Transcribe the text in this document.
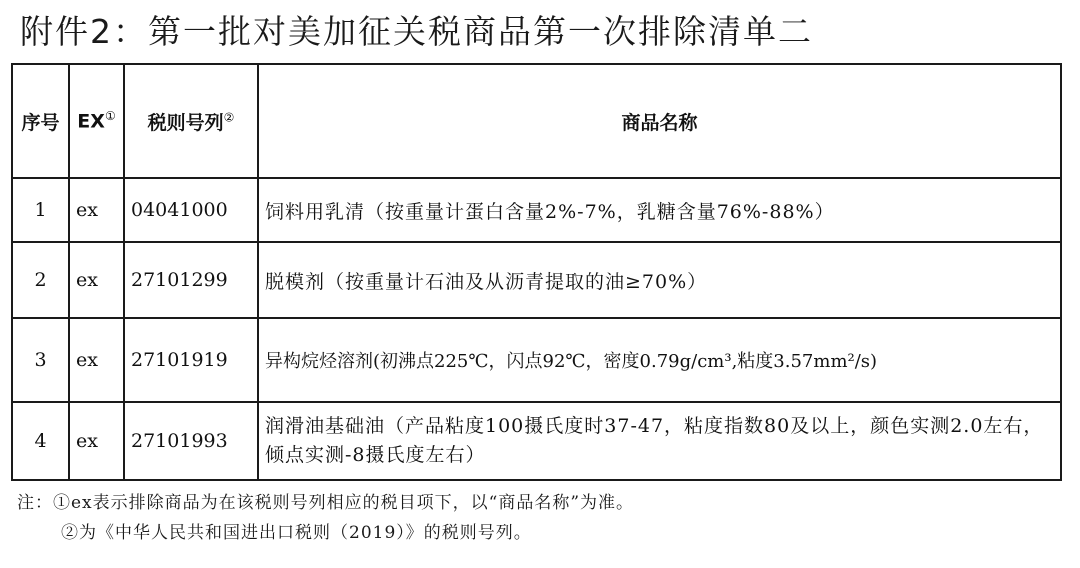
附件2：第一批对美加征关税商品第一次排除清单二
序号	EX①	税则号列②	商品名称
1	ex	04041000	饲料用乳清（按重量计蛋白含量2%-7%，乳糖含量76%-88%）
2	ex	27101299	脱模剂（按重量计石油及从沥青提取的油≥70%）
3	ex	27101919	异构烷烃溶剂(初沸点225℃，闪点92℃，密度0.79g/cm³,粘度3.57mm²/s)
4	ex	27101993	润滑油基础油（产品粘度100摄氏度时37-47，粘度指数80及以上，颜色实测2.0左右，倾点实测-8摄氏度左右）
注：①ex表示排除商品为在该税则号列相应的税目项下，以“商品名称”为准。
②为《中华人民共和国进出口税则（2019）》的税则号列。
